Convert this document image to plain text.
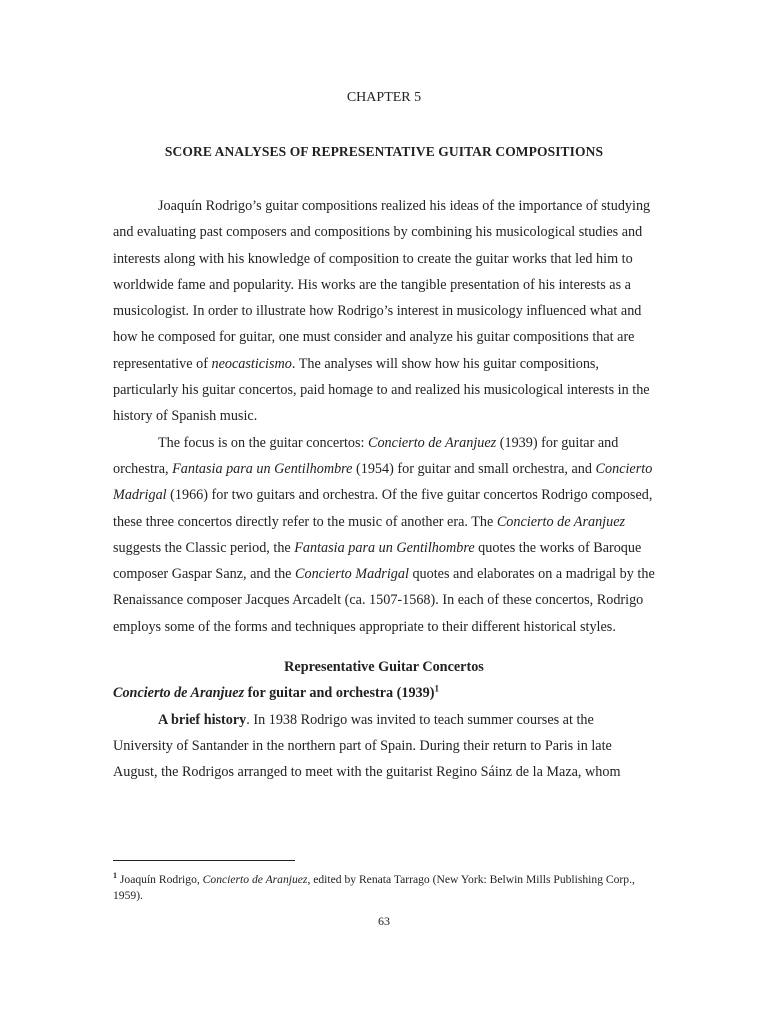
CHAPTER 5
SCORE ANALYSES OF REPRESENTATIVE GUITAR COMPOSITIONS

Joaquín Rodrigo’s guitar compositions realized his ideas of the importance of studying and evaluating past composers and compositions by combining his musicological studies and interests along with his knowledge of composition to create the guitar works that led him to worldwide fame and popularity. His works are the tangible presentation of his interests as a musicologist. In order to illustrate how Rodrigo’s interest in musicology influenced what and how he composed for guitar, one must consider and analyze his guitar compositions that are representative of neocasticismo. The analyses will show how his guitar compositions, particularly his guitar concertos, paid homage to and realized his musicological interests in the history of Spanish music.

The focus is on the guitar concertos: Concierto de Aranjuez (1939) for guitar and orchestra, Fantasia para un Gentilhombre (1954) for guitar and small orchestra, and Concierto Madrigal (1966) for two guitars and orchestra. Of the five guitar concertos Rodrigo composed, these three concertos directly refer to the music of another era. The Concierto de Aranjuez suggests the Classic period, the Fantasia para un Gentilhombre quotes the works of Baroque composer Gaspar Sanz, and the Concierto Madrigal quotes and elaborates on a madrigal by the Renaissance composer Jacques Arcadelt (ca. 1507-1568). In each of these concertos, Rodrigo employs some of the forms and techniques appropriate to their different historical styles.

Representative Guitar Concertos

Concierto de Aranjuez for guitar and orchestra $(1939)^1$

A brief history. In 1938 Rodrigo was invited to teach summer courses at the University of Santander in the northern part of Spain. During their return to Paris in late August, the Rodrigos arranged to meet with the guitarist Regino Sáinz de la Maza, whom

$^1$ Joaquín Rodrigo, Concierto de Aranjuez, edited by Renata Tarrago (New York: Belwin Mills Publishing Corp., 1959).
63
